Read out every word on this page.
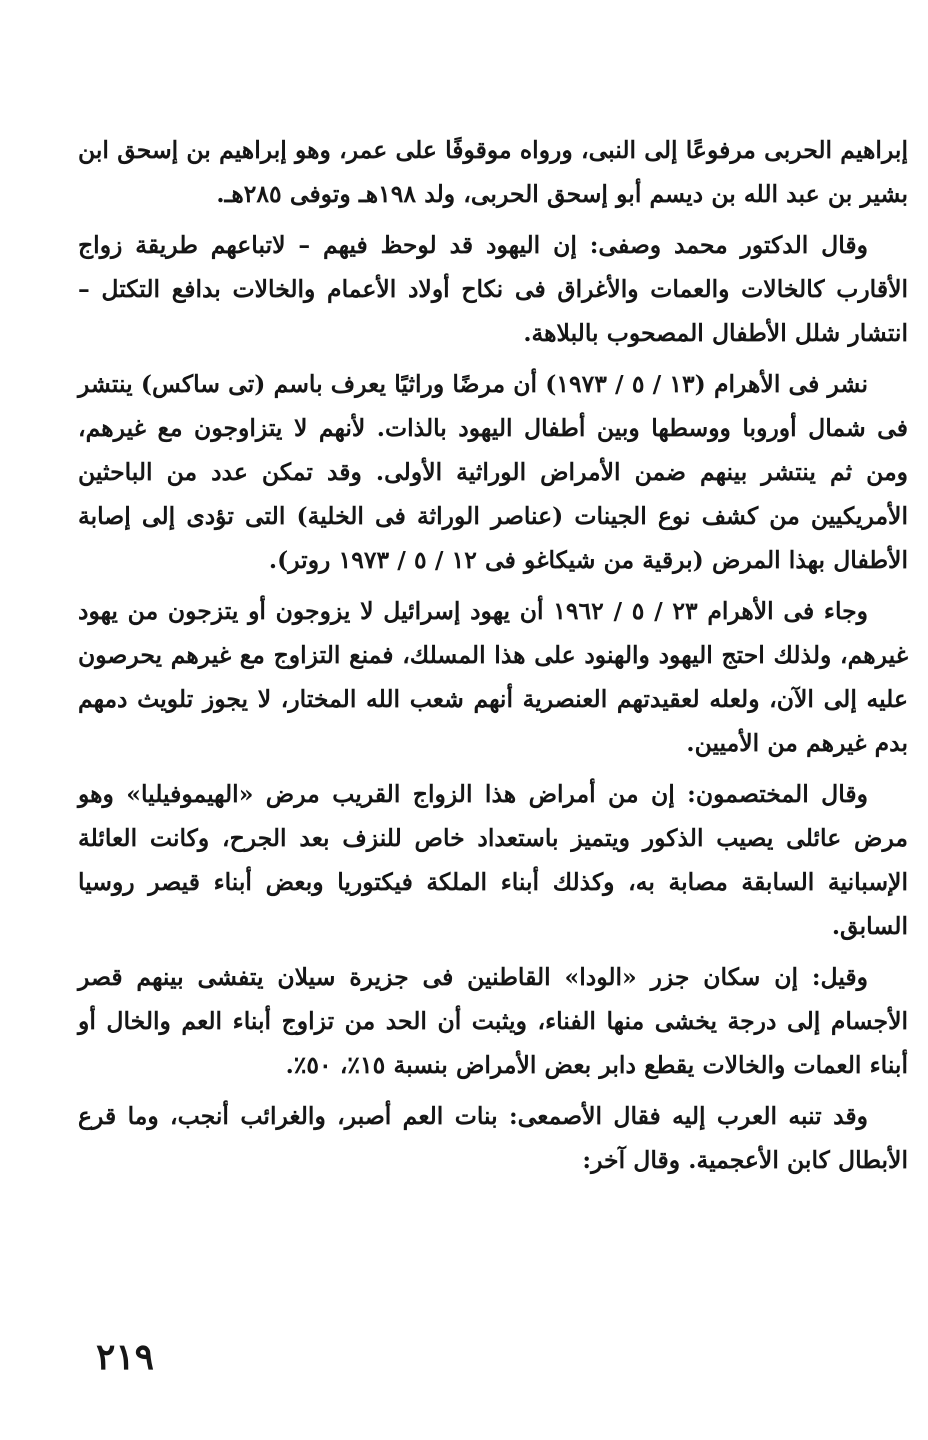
إبراهيم الحربى مرفوعًا إلى النبى، ورواه موقوفًا على عمر، وهو إبراهيم بن إسحق ابن بشير بن عبد الله بن ديسم أبو إسحق الحربى، ولد ١٩٨هـ وتوفى ٢٨٥هـ.

وقال الدكتور محمد وصفى: إن اليهود قد لوحظ فيهم – لاتباعهم طريقة زواج الأقارب كالخالات والعمات والأغراق فى نكاح أولاد الأعمام والخالات بدافع التكتل – انتشار شلل الأطفال المصحوب بالبلاهة.

نشر فى الأهرام (١٣ / ٥ / ١٩٧٣) أن مرضًا وراثيًا يعرف باسم (تى ساكس) ينتشر فى شمال أوروبا ووسطها وبين أطفال اليهود بالذات. لأنهم لا يتزاوجون مع غيرهم، ومن ثم ينتشر بينهم ضمن الأمراض الوراثية الأولى. وقد تمكن عدد من الباحثين الأمريكيين من كشف نوع الجينات (عناصر الوراثة فى الخلية) التى تؤدى إلى إصابة الأطفال بهذا المرض (برقية من شيكاغو فى ١٢ / ٥ / ١٩٧٣ روتر).

وجاء فى الأهرام ٢٣ / ٥ / ١٩٦٢ أن يهود إسرائيل لا يزوجون أو يتزجون من يهود غيرهم، ولذلك احتج اليهود والهنود على هذا المسلك، فمنع التزاوج مع غيرهم يحرصون عليه إلى الآن، ولعله لعقيدتهم العنصرية أنهم شعب الله المختار، لا يجوز تلويث دمهم بدم غيرهم من الأميين.

وقال المختصمون: إن من أمراض هذا الزواج القريب مرض «الهيموفيليا» وهو مرض عائلى يصيب الذكور ويتميز باستعداد خاص للنزف بعد الجرح، وكانت العائلة الإسبانية السابقة مصابة به، وكذلك أبناء الملكة فيكتوريا وبعض أبناء قيصر روسيا السابق.

وقيل: إن سكان جزر «الودا» القاطنين فى جزيرة سيلان يتفشى بينهم قصر الأجسام إلى درجة يخشى منها الفناء، ويثبت أن الحد من تزاوج أبناء العم والخال أو أبناء العمات والخالات يقطع دابر بعض الأمراض بنسبة ١٥٪، ٥٠٪.

وقد تنبه العرب إليه فقال الأصمعى: بنات العم أصبر، والغرائب أنجب، وما قرع الأبطال كابن الأعجمية. وقال آخر:

٢١٩
